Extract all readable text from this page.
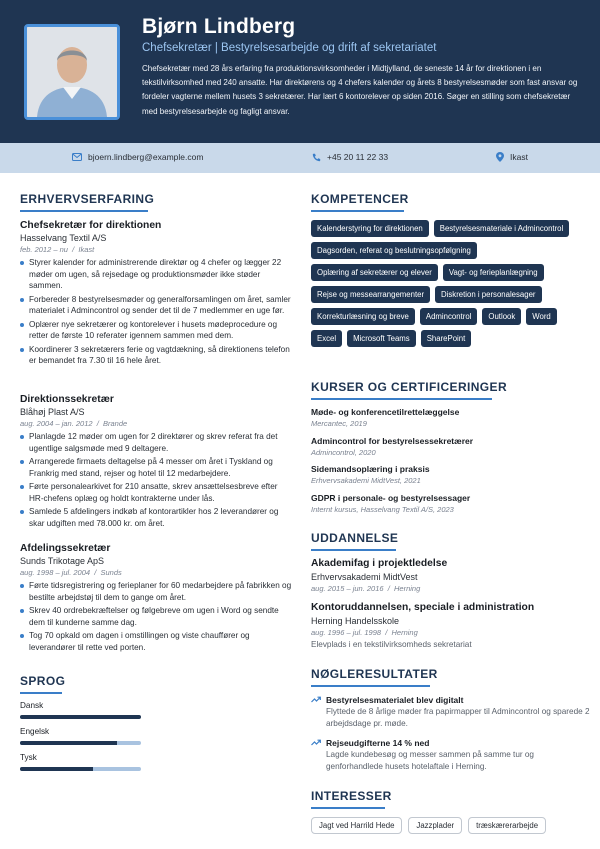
Bjørn Lindberg
Chefsekretær | Bestyrelsesarbejde og drift af sekretariatet
Chefsekretær med 28 års erfaring fra produktionsvirksomheder i Midtjylland, de seneste 14 år for direktionen i en tekstilvirksomhed med 240 ansatte. Har direktørens og 4 chefers kalender og årets 8 bestyrelsesmøder som fast ansvar og fordeler vagterne mellem husets 3 sekretærer. Har lært 6 kontorelever op siden 2016. Søger en stilling som chefsekretær med bestyrelsesarbejde og fagligt ansvar.
bjoern.lindberg@example.com	+45 20 11 22 33	Ikast
ERHVERVSERFARING
Chefsekretær for direktionen
Hasselvang Textil A/S
feb. 2012 – nu  /  Ikast
Styrer kalender for administrerende direktør og 4 chefer og lægger 22 møder om ugen, så rejsedage og produktionsmøder ikke støder sammen.
Forbereder 8 bestyrelsesmøder og generalforsamlingen om året, samler materialet i Admincontrol og sender det til de 7 medlemmer en uge før.
Oplærer nye sekretærer og kontorelever i husets mødeprocedure og retter de første 10 referater igennem sammen med dem.
Koordinerer 3 sekretærers ferie og vagtdækning, så direktionens telefon er bemandet fra 7.30 til 16 hele året.
Direktionssekretær
Blåhøj Plast A/S
aug. 2004 – jan. 2012  /  Brande
Planlagde 12 møder om ugen for 2 direktører og skrev referat fra det ugentlige salgsmøde med 9 deltagere.
Arrangerede firmaets deltagelse på 4 messer om året i Tyskland og Frankrig med stand, rejser og hotel til 12 medarbejdere.
Førte personalearkivet for 210 ansatte, skrev ansættelsesbreve efter HR-chefens oplæg og holdt kontrakterne under lås.
Samlede 5 afdelingers indkøb af kontorartikler hos 2 leverandører og skar udgiften med 78.000 kr. om året.
Afdelingssekretær
Sunds Trikotage ApS
aug. 1998 – jul. 2004  /  Sunds
Førte tidsregistrering og ferieplaner for 60 medarbejdere på fabrikken og bestilte arbejdstøj til dem to gange om året.
Skrev 40 ordrebekræftelser og følgebreve om ugen i Word og sendte dem til kunderne samme dag.
Tog 70 opkald om dagen i omstillingen og viste chauffører og leverandører til rette ved porten.
SPROG
Dansk
Engelsk
Tysk
KOMPETENCER
Kalenderstyring for direktionen	Bestyrelsesmateriale i Admincontrol
Dagsorden, referat og beslutningsopfølgning
Oplæring af sekretærer og elever	Vagt- og ferieplanlægning
Rejse og messearrangementer	Diskretion i personalesager
Korrekturlæsning og breve	Admincontrol	Outlook	Word
Excel	Microsoft Teams	SharePoint
KURSER OG CERTIFICERINGER
Møde- og konferencetilrettelæggelse
Mercantec, 2019
Admincontrol for bestyrelsessekretærer
Admincontrol, 2020
Sidemandsoplæring i praksis
Erhvervsakademi MidtVest, 2021
GDPR i personale- og bestyrelsessager
Internt kursus, Hasselvang Textil A/S, 2023
UDDANNELSE
Akademifag i projektledelse
Erhvervsakademi MidtVest
aug. 2015 – jun. 2016  /  Herning
Kontoruddannelsen, speciale i administration
Herning Handelsskole
aug. 1996 – jul. 1998  /  Herning
Elevplads i en tekstilvirksomheds sekretariat
NØGLERESULTATER
Bestyrelsesmaterialet blev digitalt
Flyttede de 8 årlige møder fra papirmapper til Admincontrol og sparede 2 arbejdsdage pr. møde.
Rejseudgifterne 14 % ned
Lagde kundebesøg og messer sammen på samme tur og genforhandlede husets hotelaftale i Herning.
INTERESSER
Jagt ved Harrild Hede	Jazzplader	træskærerarbejde
